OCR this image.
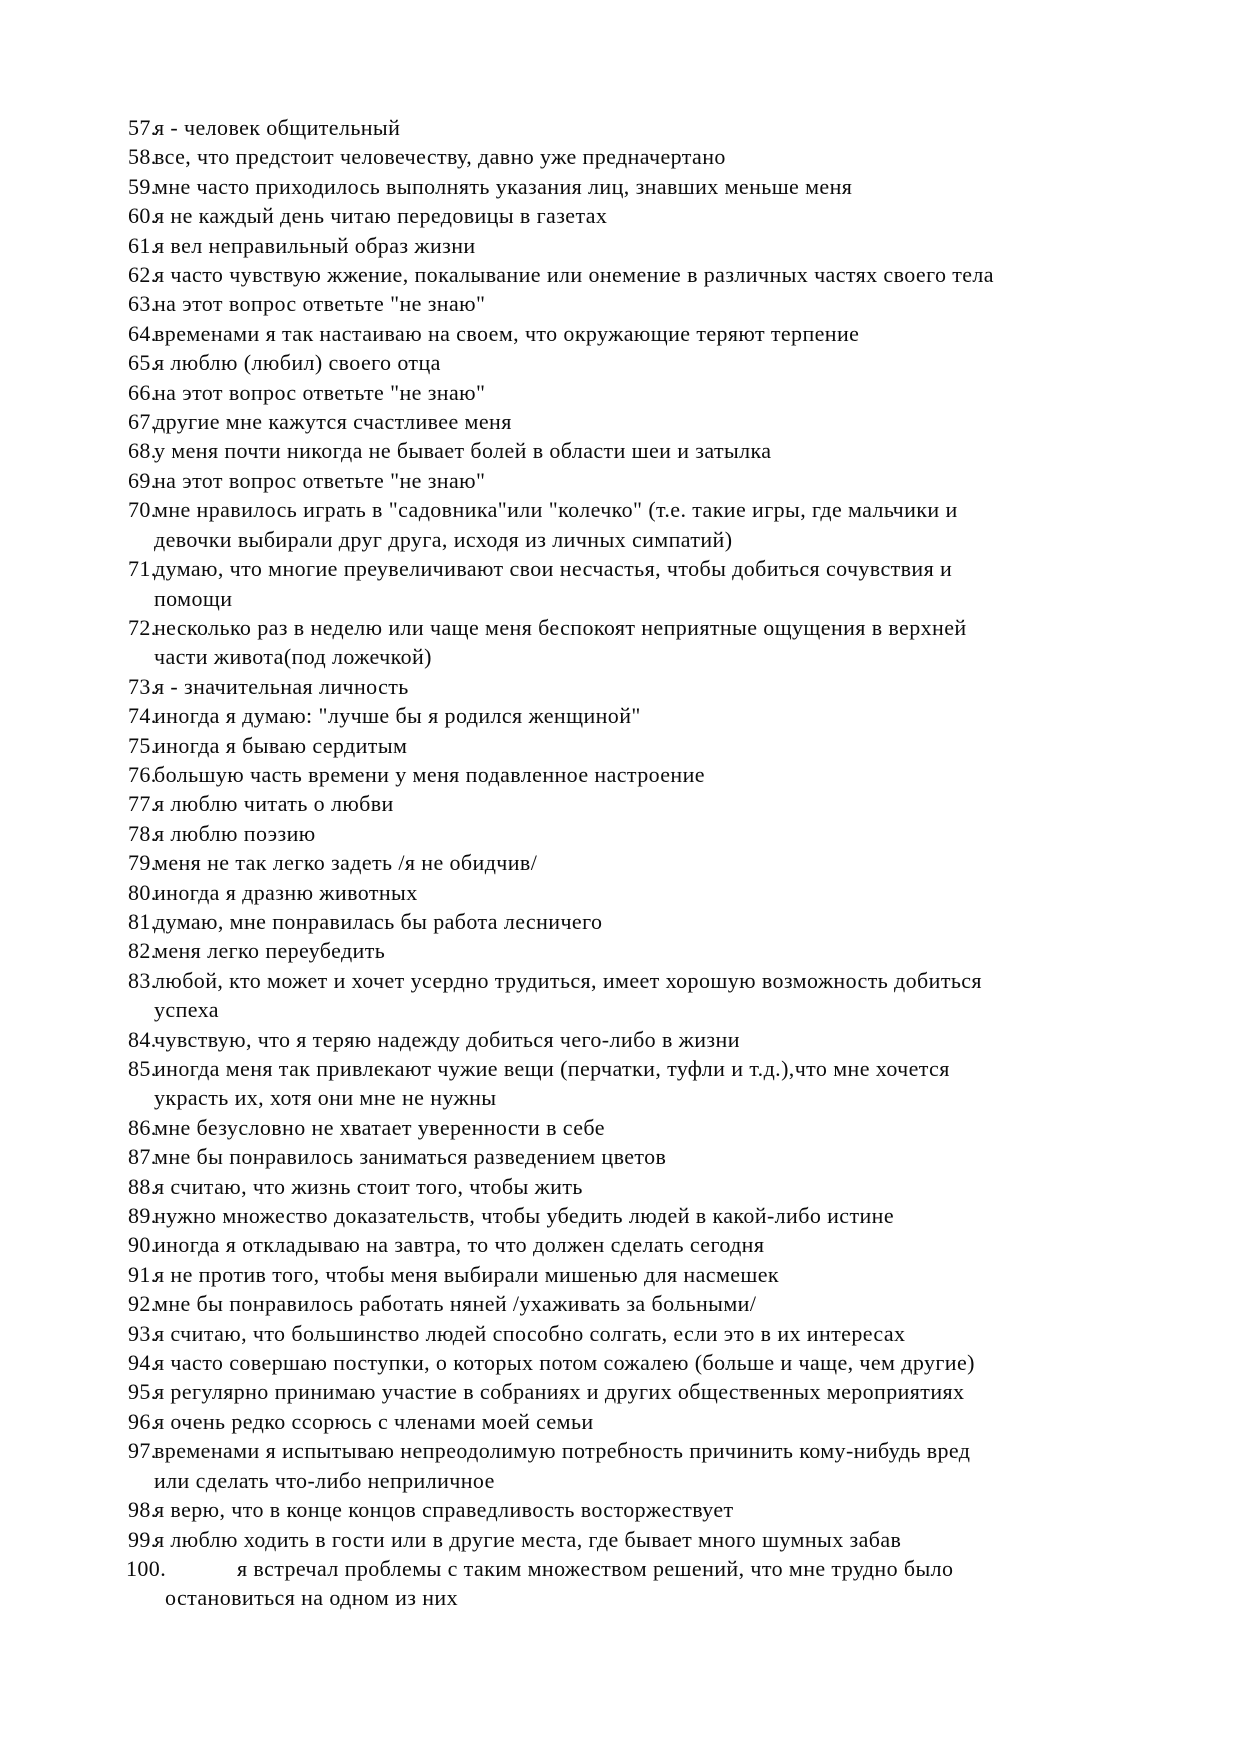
57.
я - человек общительный
58.
все, что предстоит человечеству, давно уже предначертано
59.
мне часто приходилось выполнять указания лиц, знавших меньше меня
60.
я не каждый день читаю передовицы в газетах
61.
я вел неправильный образ жизни
62.
я часто чувствую жжение, покалывание или онемение в различных частях своего тела
63.
на этот вопрос ответьте "не знаю"
64.
временами я так настаиваю на своем, что окружающие теряют терпение
65.
я люблю (любил) своего отца
66.
на этот вопрос ответьте "не знаю"
67.
другие мне кажутся счастливее меня
68.
у меня почти никогда не бывает болей в области шеи и затылка
69.
на этот вопрос ответьте "не знаю"
70.
мне нравилось играть в "садовника"или "колечко" (т.е. такие игры, где мальчики и
девочки выбирали друг друга, исходя из личных симпатий)
71.
думаю, что многие преувеличивают свои несчастья, чтобы добиться сочувствия и
помощи
72.
несколько раз в неделю или чаще меня беспокоят неприятные ощущения в верхней
части живота(под ложечкой)
73.
я - значительная личность
74.
иногда я думаю: "лучше бы я родился женщиной"
75.
иногда я бываю сердитым
76.
большую часть времени у меня подавленное настроение
77.
я люблю читать о любви
78.
я люблю поэзию
79.
меня не так легко задеть /я не обидчив/
80.
иногда я дразню животных
81.
думаю, мне понравилась бы работа лесничего
82.
меня легко переубедить
83.
любой, кто может и хочет усердно трудиться, имеет хорошую возможность добиться
успеха
84.
чувствую, что я теряю надежду добиться чего-либо в жизни
85.
иногда меня так привлекают чужие вещи (перчатки, туфли и т.д.),что мне хочется
украсть их, хотя они мне не нужны
86.
мне безусловно не хватает уверенности в себе
87.
мне бы понравилось заниматься разведением цветов
88.
я считаю, что жизнь стоит того, чтобы жить
89.
нужно множество доказательств, чтобы убедить людей в какой-либо истине
90.
иногда я откладываю на завтра, то что должен сделать сегодня
91.
я не против того, чтобы меня выбирали мишенью для насмешек
92.
мне бы понравилось работать няней /ухаживать за больными/
93.
я считаю, что большинство людей способно солгать, если это в их интересах
94.
я часто совершаю поступки, о которых потом сожалею (больше и чаще, чем другие)
95.
я регулярно принимаю участие в собраниях и других общественных мероприятиях
96.
я очень редко ссорюсь с членами моей семьи
97.
временами я испытываю непреодолимую потребность причинить кому-нибудь вред
или сделать что-либо неприличное
98.
я верю, что в конце концов справедливость восторжествует
99.
я люблю ходить в гости или в другие места, где бывает много шумных забав
100.	я встречал проблемы с таким множеством решений, что мне трудно было
остановиться на одном из них
